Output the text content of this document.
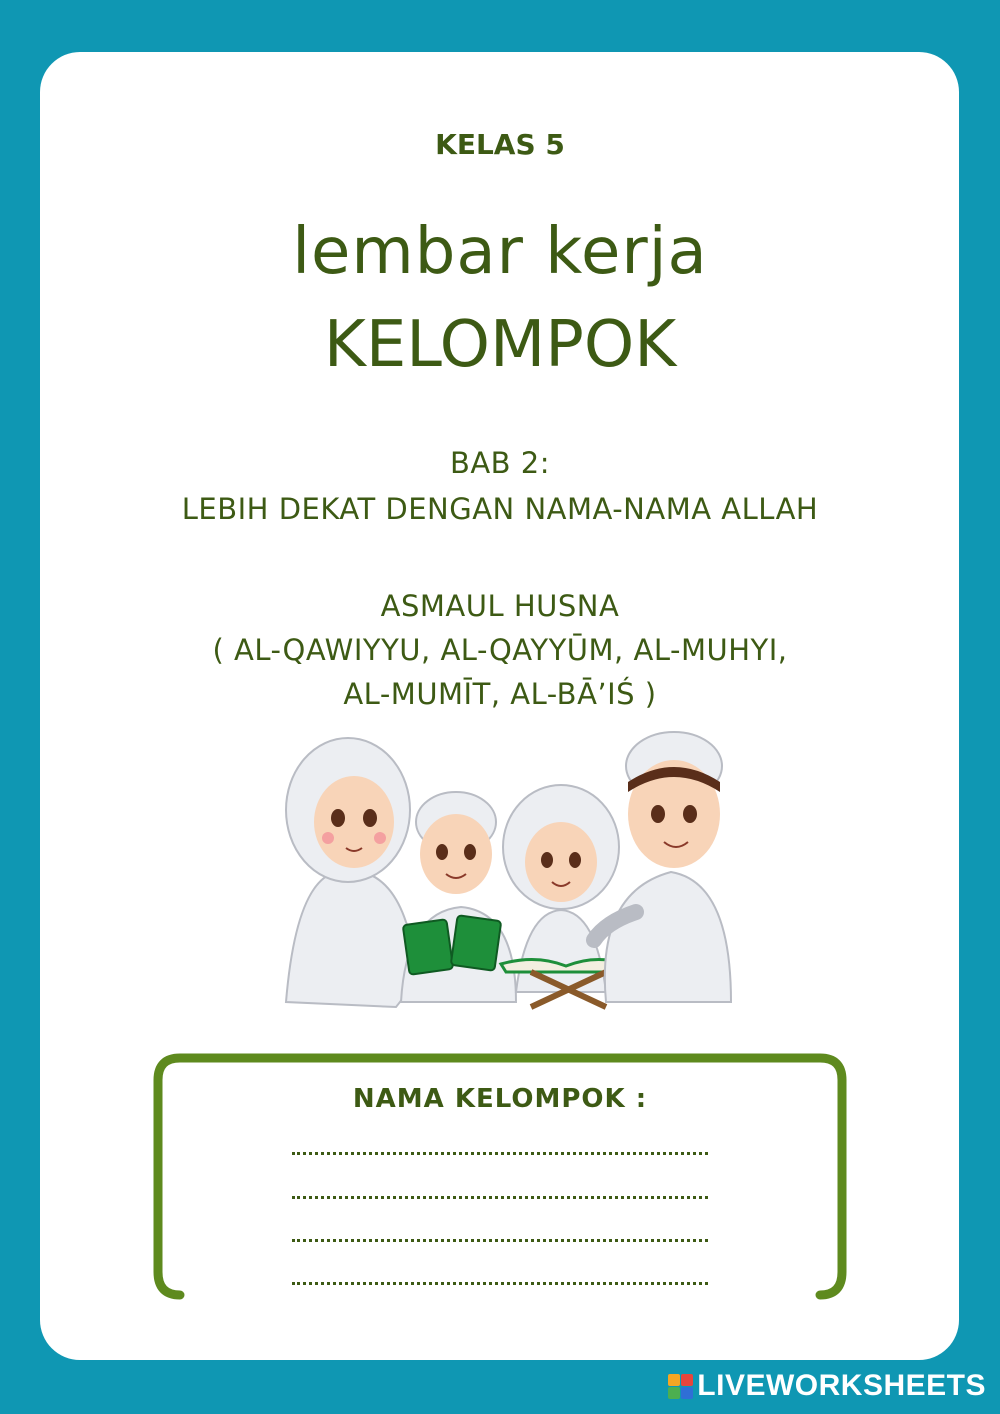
KELAS 5
lembar kerja
KELOMPOK
BAB 2:
LEBIH DEKAT DENGAN NAMA-NAMA ALLAH
ASMAUL HUSNA
( AL-QAWIYYU, AL-QAYYŪM, AL-MUHYI,
AL-MUMĪT, AL-BĀ’IŚ )
NAMA KELOMPOK :
LIVEWORKSHEETS
